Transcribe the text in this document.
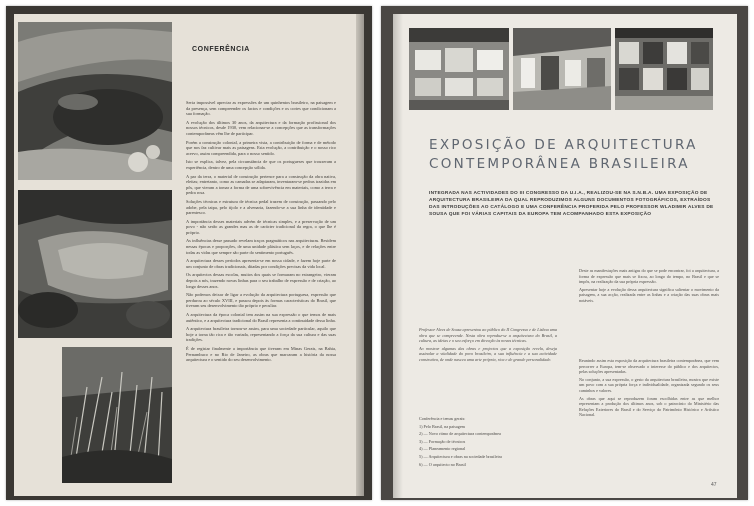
CONFERÊNCIA

Seria impossível apreciar as expressões de um quinhentos brasileiro, na paisagem e da presença, sem compreender os factos e condições e os cortes que condicionam a sua formação.

A evolução dos últimos 30 anos, da arquitectura e da formação profissional dos nossos técnicos, desde 1930, vem relacionar-se a concepções que as transformações contemporâneas vêm lhe de participar.

Porém a construção colonial, a primeira vista, a contribuição de forma e de método que nos faz cultivar mais as paisagens. Esta evolução, a contribuição e o nosso rico acervo, assim compreendida, para o nosso sentido.

Isto se explica, talvez, pela circunstância de que os portugueses que trouxeram a experiência, dentro de uma concepção sólida.

A par da terra, o material de construção pertence para a construção da obra nativa, eleitas; entretanto, como as camadas se adaptaram, inventaram-se pedras trazidas em pôs, que vieram a tomar a forma de uma sobrevivência em materiais, como a terra e pedra rosa.

Soluções técnicas e estrutura de técnica pedal trazem de construção, passando pelo adobe, pela taipa, pelo tijolo e a alvenaria, fazendo-se a sua linha de identidade e parentesco.

A importância desses materiais advém de técnicas simples, e a preservação de um povo - não serão as grandes mas as de carácter tradicional da regra, o que lhe é próprio.

As influências desse passado revelam traços pragmáticos nas arquitecturas. Residem nessas épocas e proporções, de uma unidade plástica sem laços, e de relações entre todas as vidas que sempre são parte do sentimento português.

A arquitectura desses períodos apresenta-se em nossa cidade, e fazem hoje parte de um conjunto de obras tradicionais, ditadas por condições precisas da vida local.

Os arquitectos dessas escolas, muitos dos quais se formaram no estrangeiro, vieram depois a nós, trazendo novas linhas para o seu trabalho de expressão e de criação, ao longo desses anos.

Não podemos deixar de ligar a evolução da arquitectura portuguesa, expressão que perdurou ao século XVIII, e passou depois às formas características do Brasil, que tiveram seu desenvolvimento tão próprio e peculiar.

A arquitectura da época colonial tem assim na sua expressão o que temos de mais autêntico, e a arquitectura tradicional do Brasil representa a continuidade dessa linha.

A arquitectura brasileira tornou-se assim, para uma sociedade particular, aquilo que hoje a torna tão rica e tão variada, representando a força da sua cultura e das suas tradições.

É de registar finalmente a importância que tiveram em Minas Gerais, na Bahia, Pernambuco e no Rio de Janeiro, as obras que marcaram a história da nossa arquitectura e o sentido do seu desenvolvimento.

EXPOSIÇÃO DE ARQUITECTURA
CONTEMPORÂNEA BRASILEIRA
INTEGRADA NAS ACTIVIDADES DO III CONGRESSO DA U.I.A., REALIZOU-SE NA S.N.B.A. UMA EXPOSIÇÃO DE ARQUITECTURA BRASILEIRA DA QUAL REPRODUZIMOS ALGUNS DOCUMENTOS FOTOGRÁFICOS, EXTRAÍDOS DAS INTRODUÇÕES AO CATÁLOGO E UMA CONFERÊNCIA PROFERIDA PELO PROFESSOR WLADIMIR ALVES DE SOUSA QUE FOI VÁRIAS CAPITAIS DA EUROPA TEM ACOMPANHADO ESTA EXPOSIÇÃO

Professor Alves de Sousa apresentou ao público do II Congresso e de Lisboa uma obra que se compreende. Nesta obra reproduz-se a arquitectura do Brasil, a cultura, as ideias e o seu esforço em direcção às novas técnicas.

Ao mostrar algumas das obras e projectos que a exposição revela, deseja assinalar a vitalidade do povo brasileiro, a sua influência e a sua actividade construtiva, de onde nasceu uma arte própria, rica e de grande personalidade.

Conferência e temas gerais:

1) Pelo Brasil, na paisagem

2) — Novo ritmo de arquitectura contemporânea

3) — Formação de técnicos

4) — Planeamento regional

5) — Arquitectura e obras na sociedade brasileira

6) — O arquitecto no Brasil

Deste as manifestações mais antigas do que se pode encontrar, foi a arquitectura, a forma de expressão que mais se fixou, ao longo do tempo, no Brasil e que se impôs, na realização da sua própria expressão.

Apresentar hoje a evolução dessa arquitectura significa salientar o movimento da paisagem, a sua acção, realizada entre as linhas e a criação das suas obras mais notáveis.

Reunindo assim esta exposição da arquitectura brasileira contemporânea, que vem percorrer a Europa, tem-se observado o interesse do público e dos arquitectos, pelas soluções apresentadas.

No conjunto, a sua expressão, o gesto da arquitectura brasileira, mostra que existe um povo com a sua própria força e individualidade, organizada segundo os seus caminhos e valores.

As obras que aqui se reproduzem foram escolhidas entre as que melhor representam a produção dos últimos anos, sob o patrocínio do Ministério das Relações Exteriores do Brasil e do Serviço do Patrimônio Histórico e Artístico Nacional.

47
